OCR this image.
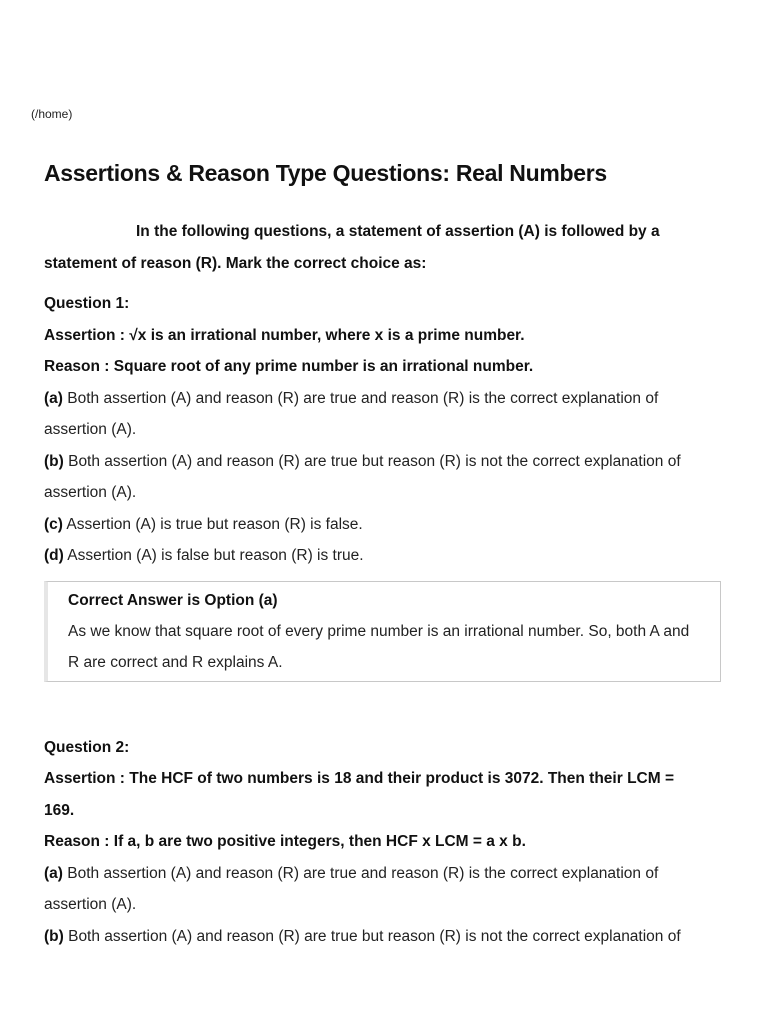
(/home)
Assertions & Reason Type Questions: Real Numbers

In the following questions, a statement of assertion (A) is followed by a statement of reason (R). Mark the correct choice as:

Question 1:

Assertion : √x is an irrational number, where x is a prime number.

Reason : Square root of any prime number is an irrational number.

(a) Both assertion (A) and reason (R) are true and reason (R) is the correct explanation of

assertion (A).

(b) Both assertion (A) and reason (R) are true but reason (R) is not the correct explanation of

assertion (A).

(c) Assertion (A) is true but reason (R) is false.

(d) Assertion (A) is false but reason (R) is true.

Correct Answer is Option (a)

As we know that square root of every prime number is an irrational number. So, both A and R are correct and R explains A.

Question 2:

Assertion : The HCF of two numbers is 18 and their product is 3072. Then their LCM =

169.

Reason : If a, b are two positive integers, then HCF x LCM = a x b.

(a) Both assertion (A) and reason (R) are true and reason (R) is the correct explanation of

assertion (A).

(b) Both assertion (A) and reason (R) are true but reason (R) is not the correct explanation of
